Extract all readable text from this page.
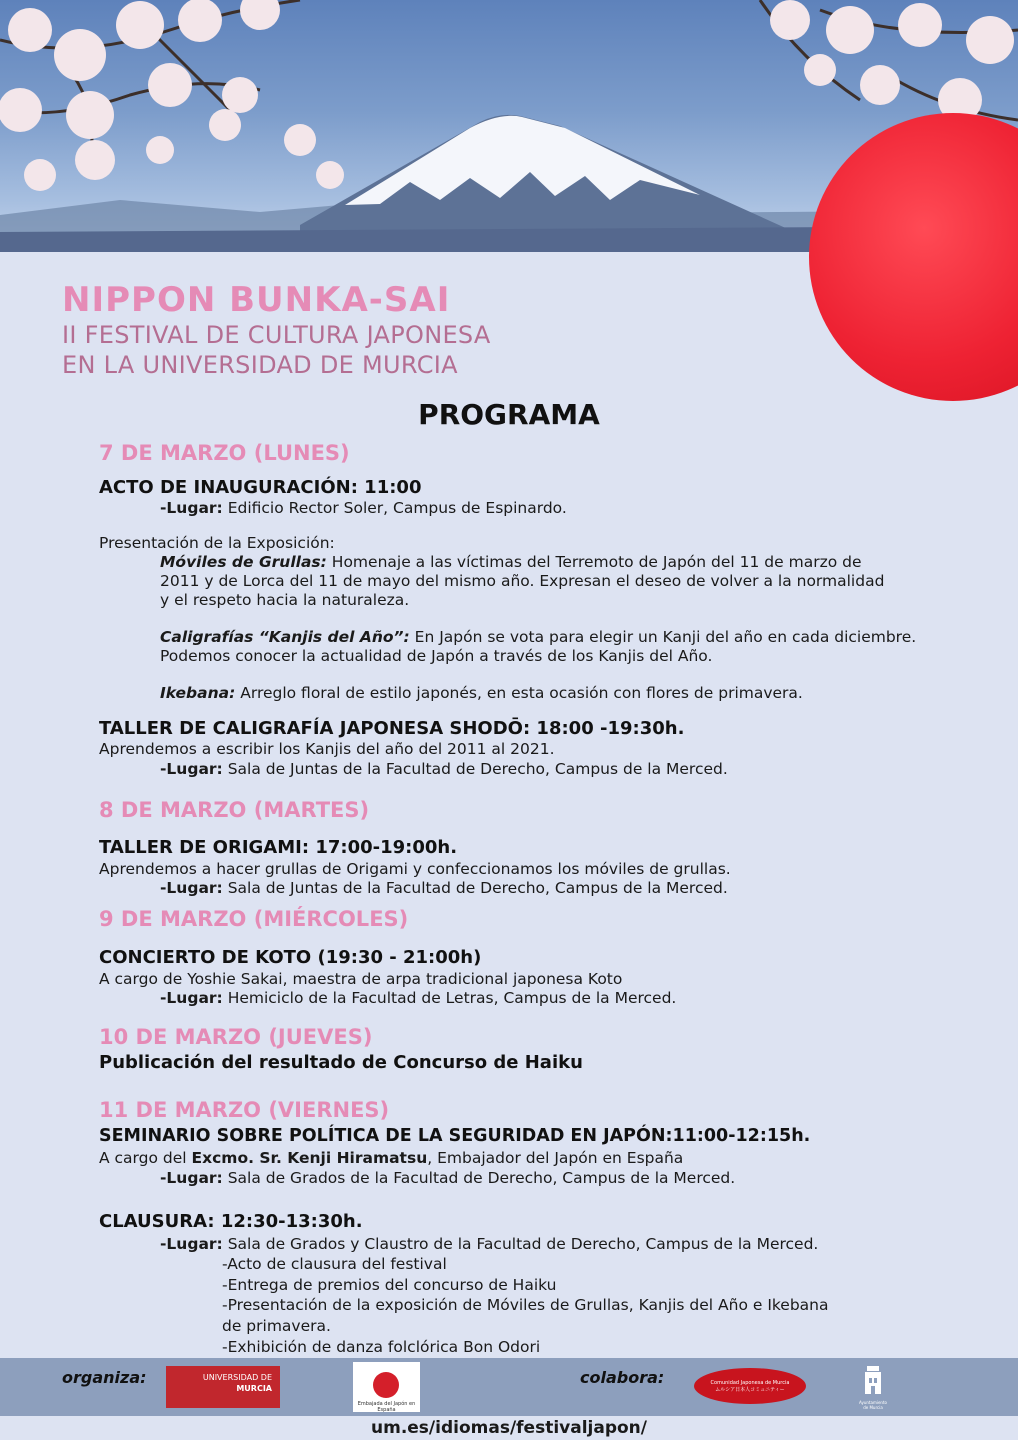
NIPPON BUNKA-SAI
II FESTIVAL DE CULTURA JAPONESA
EN LA UNIVERSIDAD DE MURCIA
PROGRAMA
7 DE MARZO (LUNES)
ACTO DE INAUGURACIÓN: 11:00
-Lugar: Edificio Rector Soler, Campus de Espinardo.
Presentación de la Exposición:
Móviles de Grullas: Homenaje a las víctimas del Terremoto de Japón del 11 de marzo de
2011 y de Lorca del 11 de mayo del mismo año. Expresan el deseo de volver a la normalidad
y el respeto hacia la naturaleza.
Caligrafías “Kanjis del Año”: En Japón se vota para elegir un Kanji del año en cada diciembre.
Podemos conocer la actualidad de Japón a través de los Kanjis del Año.
Ikebana: Arreglo floral de estilo japonés, en esta ocasión con flores de primavera.
TALLER DE CALIGRAFÍA JAPONESA SHODŌ: 18:00 -19:30h.
Aprendemos a escribir los Kanjis del año del 2011 al 2021.
-Lugar: Sala de Juntas de la Facultad de Derecho, Campus de la Merced.
8 DE MARZO (MARTES)
TALLER DE ORIGAMI: 17:00-19:00h.
Aprendemos a hacer grullas de Origami y confeccionamos los móviles de grullas.
-Lugar: Sala de Juntas de la Facultad de Derecho, Campus de la Merced.
9 DE MARZO (MIÉRCOLES)
CONCIERTO DE KOTO (19:30 - 21:00h)
A cargo de Yoshie Sakai, maestra de arpa tradicional japonesa Koto
-Lugar: Hemiciclo de la Facultad de Letras, Campus de la Merced.
10 DE MARZO (JUEVES)
Publicación del resultado de Concurso de Haiku
11 DE MARZO (VIERNES)
SEMINARIO SOBRE POLÍTICA DE LA SEGURIDAD EN JAPÓN:11:00-12:15h.
A cargo del Excmo. Sr. Kenji Hiramatsu, Embajador del Japón en España
-Lugar: Sala de Grados de la Facultad de Derecho, Campus de la Merced.
CLAUSURA: 12:30-13:30h.
-Lugar: Sala de Grados y Claustro de la Facultad de Derecho, Campus de la Merced.
-Acto de clausura del festival
-Entrega de premios del concurso de Haiku
-Presentación de la exposición de Móviles de Grullas, Kanjis del Año e Ikebana
de primavera.
-Exhibición de danza folclórica Bon Odori
organiza:	colabora:
UNIVERSIDAD DE
MURCIA
Embajada del Japón en España
Comunidad Japonesa de Murcia
ムルシア日本人コミュニティー
Ayuntamiento
de Murcia
um.es/idiomas/festivaljapon/
